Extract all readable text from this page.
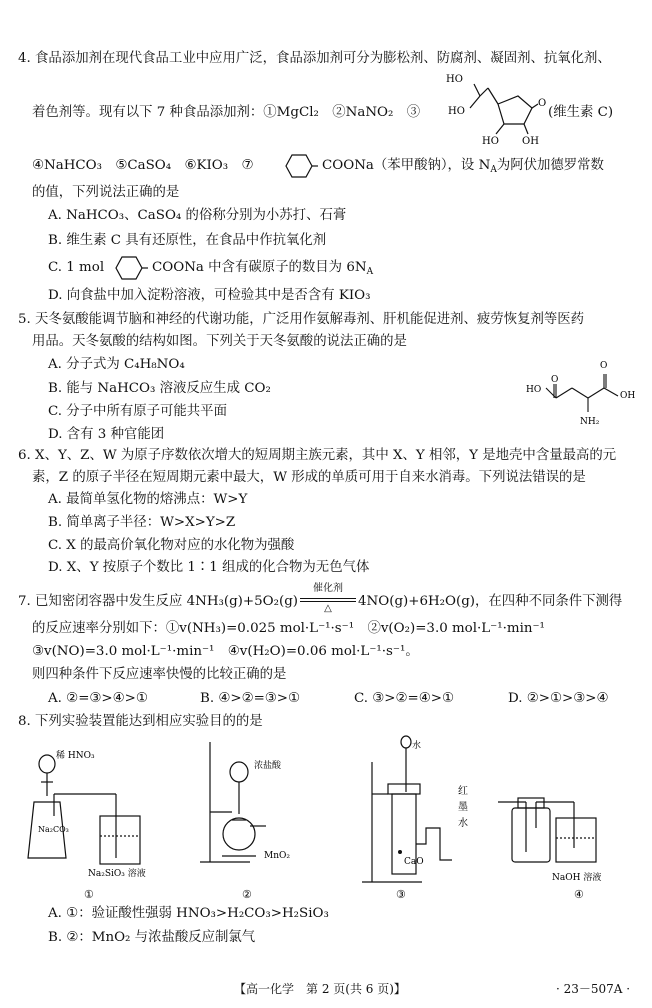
4. 食品添加剂在现代食品工业中应用广泛，食品添加剂可分为膨松剂、防腐剂、凝固剂、抗氧化剂、
着色剂等。现有以下 7 种食品添加剂：①MgCl₂　②NaNO₂　③	(维生素 C)
HO
HO
HO OH
O
④NaHCO₃　⑤CaSO₄　⑥KIO₃　⑦	COONa（苯甲酸钠），设 $N_A$为阿伏加德罗常数
的值，下列说法正确的是
A. NaHCO₃、CaSO₄ 的俗称分别为小苏打、石膏
B. 维生素 C 具有还原性，在食品中作抗氧化剂
C. 1 mol	COONa 中含有碳原子的数目为 $6N_A$
D. 向食盐中加入淀粉溶液，可检验其中是否含有 KIO₃
5. 天冬氨酸能调节脑和神经的代谢功能，广泛用作氨解毒剂、肝机能促进剂、疲劳恢复剂等医药
用品。天冬氨酸的结构如图。下列关于天冬氨酸的说法正确的是
A. 分子式为 C₄H₈NO₄
B. 能与 NaHCO₃ 溶液反应生成 CO₂
C. 分子中所有原子可能共平面
D. 含有 3 种官能团
O
HO
O
NH₂
OH
6. X、Y、Z、W 为原子序数依次增大的短周期主族元素，其中 X、Y 相邻，Y 是地壳中含量最高的元
素，Z 的原子半径在短周期元素中最大，W 形成的单质可用于自来水消毒。下列说法错误的是
A. 最简单氢化物的熔沸点：W>Y
B. 简单离子半径：W>X>Y>Z
C. X 的最高价氧化物对应的水化物为强酸
D. X、Y 按原子个数比 1∶1 组成的化合物为无色气体
7. 已知密闭容器中发生反应 4NH₃(g)+5O₂(g)
催化剂
△	4NO(g)+6H₂O(g)，在四种不同条件下测得
的反应速率分别如下：①v(NH₃)=0.025 mol·L⁻¹·s⁻¹　②v(O₂)=3.0 mol·L⁻¹·min⁻¹
③v(NO)=3.0 mol·L⁻¹·min⁻¹　④v(H₂O)=0.06 mol·L⁻¹·s⁻¹。
则四种条件下反应速率快慢的比较正确的是
A. ②=③>④>①	B. ④>②=③>①	C. ③>②=④>①	D. ②>①>③>④
8. 下列实验装置能达到相应实验目的的是
稀 HNO₃
Na₂CO₃
Na₂SiO₃ 溶液
浓盐酸
MnO₂
水
CaO
红
墨
水
NaOH 溶液
①	②	③	④
A. ①：验证酸性强弱 HNO₃>H₂CO₃>H₂SiO₃
B. ②：MnO₂ 与浓盐酸反应制氯气
【高一化学　第 2 页(共 6 页)】	· 23－507A ·
